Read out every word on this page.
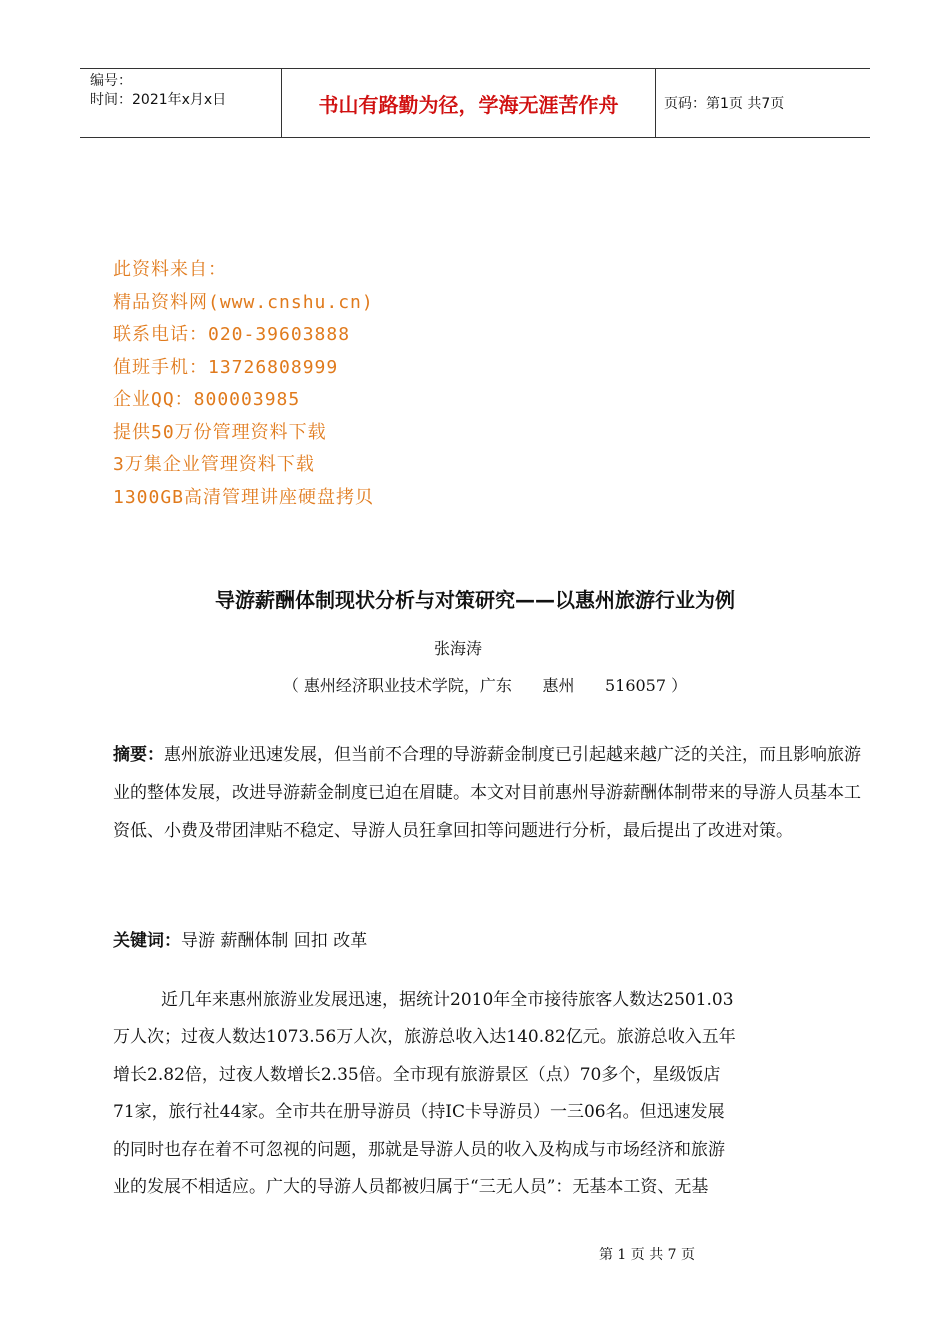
编号：
时间：2021年x月x日	书山有路勤为径，学海无涯苦作舟	页码：第1页 共7页
此资料来自：
精品资料网(www.cnshu.cn)
联系电话：020-39603888
值班手机：13726808999
企业QQ：800003985
提供50万份管理资料下载
3万集企业管理资料下载
1300GB高清管理讲座硬盘拷贝
导游薪酬体制现状分析与对策研究——以惠州旅游行业为例
张海涛
（ 惠州经济职业技术学院，广东      惠州      516057 ）
摘要：惠州旅游业迅速发展，但当前不合理的导游薪金制度已引起越来越广泛的关注，而且影响旅游业的整体发展，改进导游薪金制度已迫在眉睫。本文对目前惠州导游薪酬体制带来的导游人员基本工资低、小费及带团津贴不稳定、导游人员狂拿回扣等问题进行分析，最后提出了改进对策。
关键词：导游 薪酬体制 回扣 改革
近几年来惠州旅游业发展迅速，据统计2010年全市接待旅客人数达2501.03
万人次；过夜人数达1073.56万人次，旅游总收入达140.82亿元。旅游总收入五年
增长2.82倍，过夜人数增长2.35倍。全市现有旅游景区（点）70多个，星级饭店
71家，旅行社44家。全市共在册导游员（持IC卡导游员）一三06名。但迅速发展
的同时也存在着不可忽视的问题，那就是导游人员的收入及构成与市场经济和旅游
业的发展不相适应。广大的导游人员都被归属于“三无人员”：无基本工资、无基
第 1 页 共 7 页
